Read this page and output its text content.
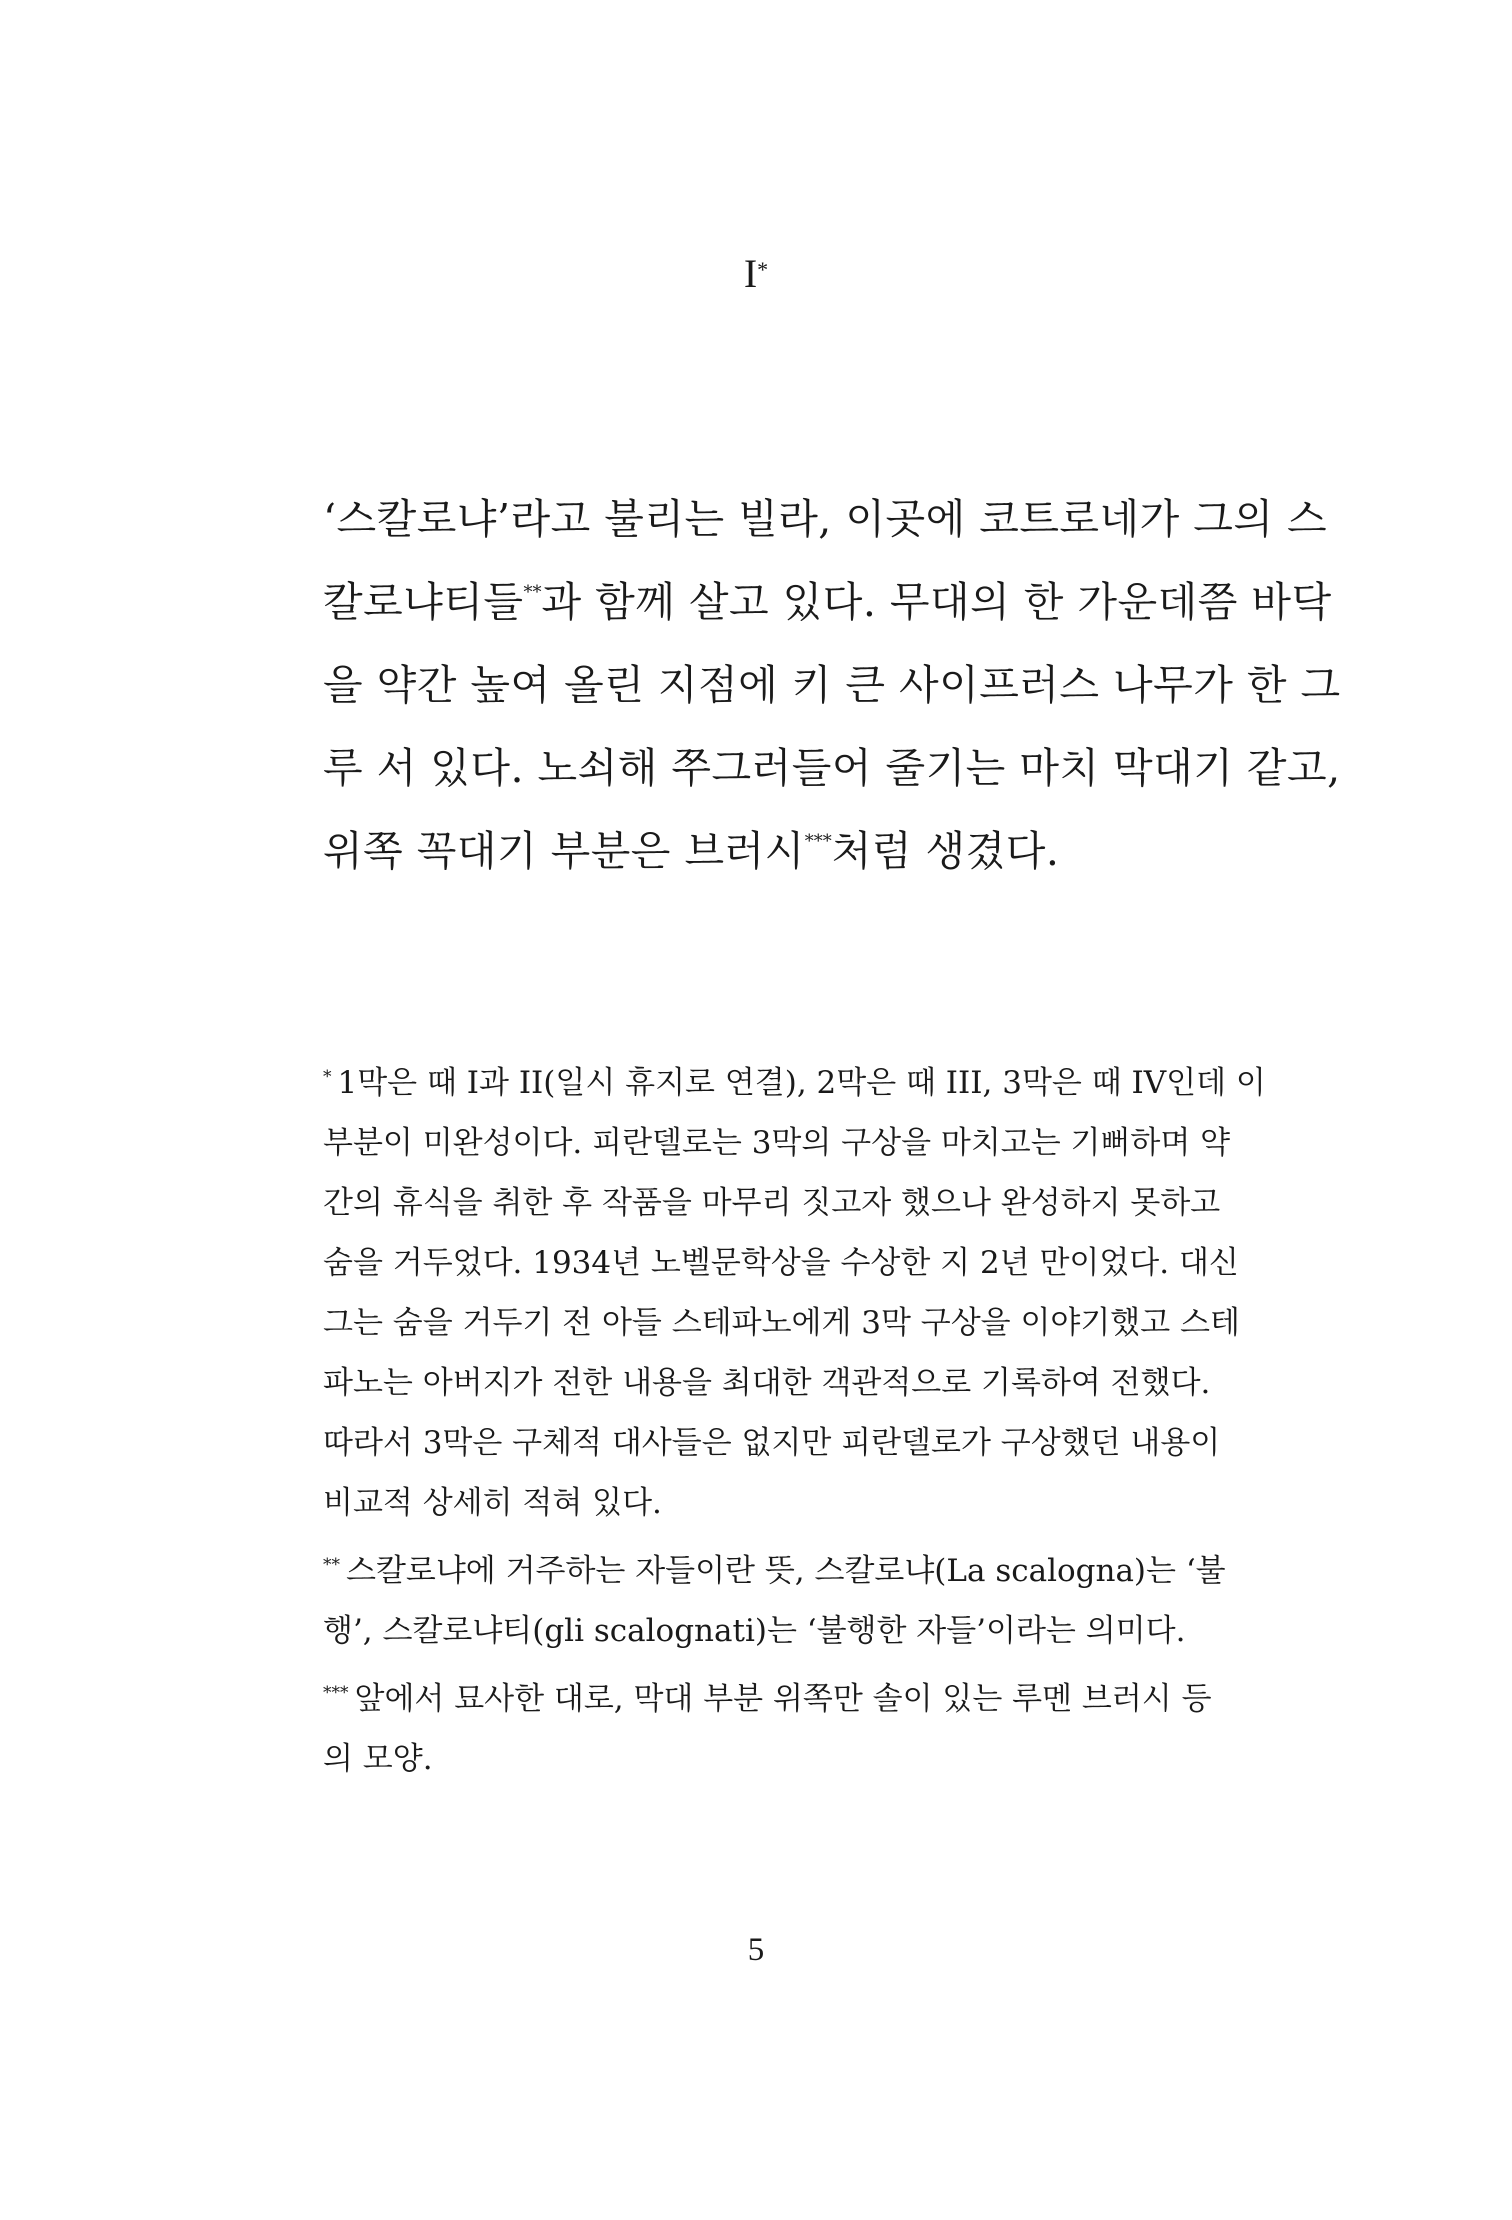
I*
‘스칼로냐’라고 불리는 빌라, 이곳에 코트로네가 그의 스
칼로냐티들**과 함께 살고 있다. 무대의 한 가운데쯤 바닥
을 약간 높여 올린 지점에 키 큰 사이프러스 나무가 한 그
루 서 있다. 노쇠해 쭈그러들어 줄기는 마치 막대기 같고,
위쪽 꼭대기 부분은 브러시***처럼 생겼다.
* 1막은 때 I과 II(일시 휴지로 연결), 2막은 때 III, 3막은 때 IV인데 이
부분이 미완성이다. 피란델로는 3막의 구상을 마치고는 기뻐하며 약
간의 휴식을 취한 후 작품을 마무리 짓고자 했으나 완성하지 못하고
숨을 거두었다. 1934년 노벨문학상을 수상한 지 2년 만이었다. 대신
그는 숨을 거두기 전 아들 스테파노에게 3막 구상을 이야기했고 스테
파노는 아버지가 전한 내용을 최대한 객관적으로 기록하여 전했다.
따라서 3막은 구체적 대사들은 없지만 피란델로가 구상했던 내용이
비교적 상세히 적혀 있다.
** 스칼로냐에 거주하는 자들이란 뜻, 스칼로냐(La scalogna)는 ‘불
행’, 스칼로냐티(gli scalognati)는 ‘불행한 자들’이라는 의미다.
*** 앞에서 묘사한 대로, 막대 부분 위쪽만 솔이 있는 루멘 브러시 등
의 모양.
5
